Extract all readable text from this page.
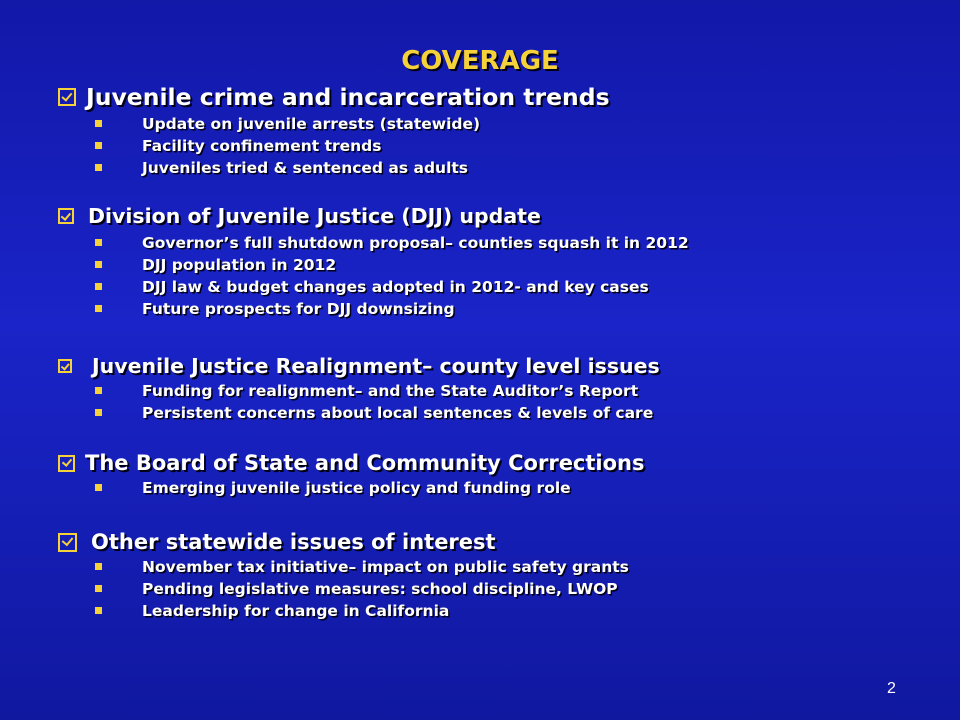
COVERAGE
Juvenile crime and incarceration trends
Update on juvenile arrests (statewide)
Facility confinement trends
Juveniles tried & sentenced as adults
Division of Juvenile Justice (DJJ) update
Governor’s full shutdown proposal– counties squash it in 2012
DJJ population in 2012
DJJ law & budget changes adopted in 2012- and key cases
Future prospects for DJJ downsizing
Juvenile Justice Realignment– county level issues
Funding for realignment– and the State Auditor’s Report
Persistent concerns about local sentences & levels of care
The Board of State and Community Corrections
Emerging juvenile justice policy and funding role
Other statewide issues of interest
November tax initiative– impact on public safety grants
Pending legislative measures: school discipline, LWOP
Leadership for change in California
2
